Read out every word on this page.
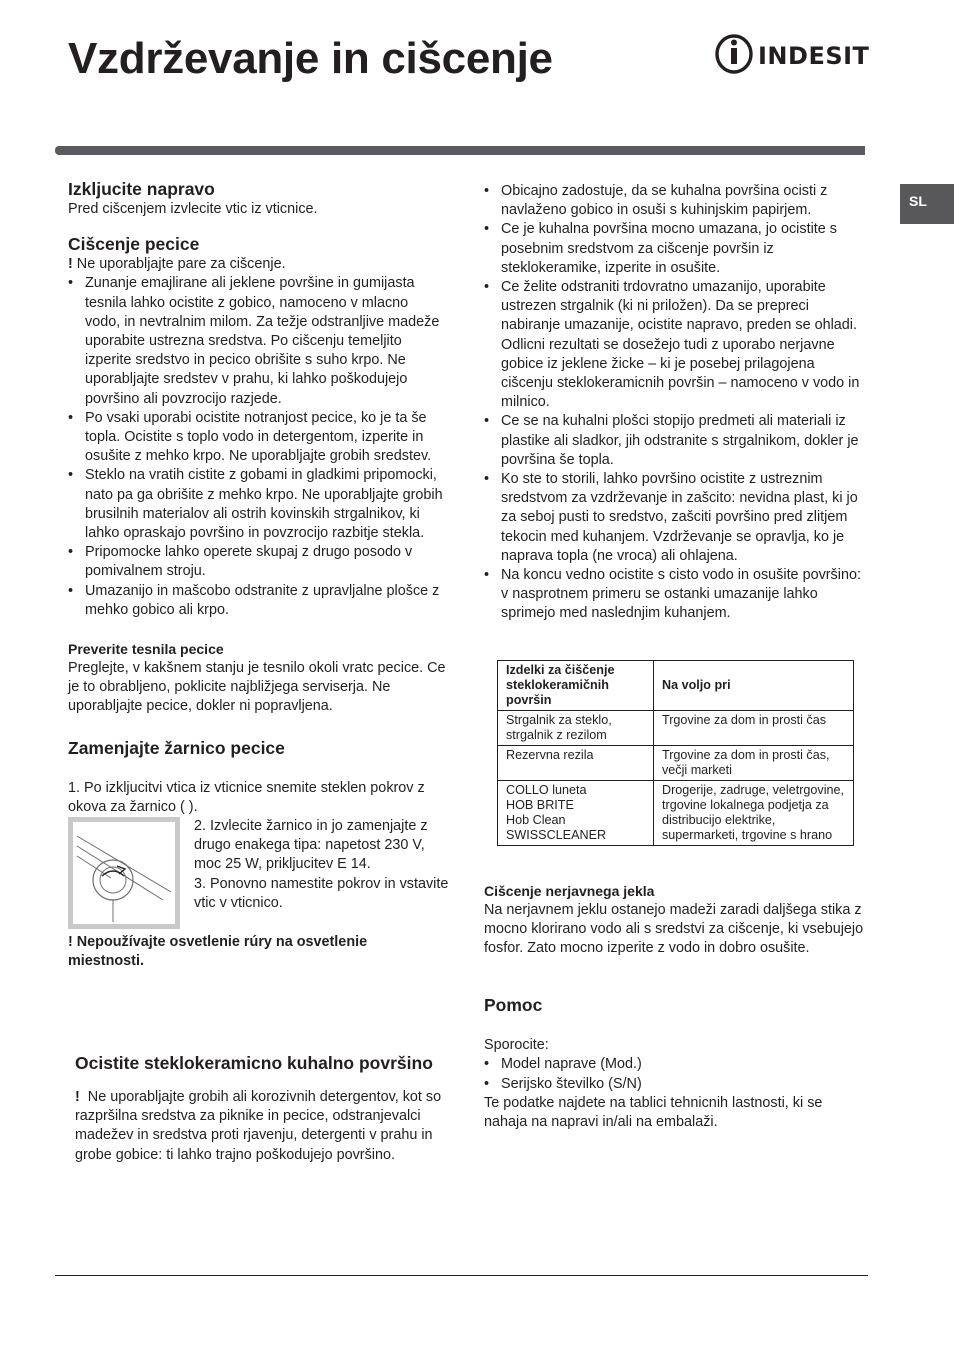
Vzdrževanje in cišcenje	INDESIT
SL
Izkljucite napravo

Pred cišcenjem izvlecite vtic iz vticnice.

Cišcenje pecice

! Ne uporabljajte pare za cišcenje.

• Zunanje emajlirane ali jeklene površine in gumijasta tesnila lahko ocistite z gobico, namoceno v mlacno vodo, in nevtralnim milom. Za težje odstranljive madeže uporabite ustrezna sredstva. Po cišcenju temeljito izperite sredstvo in pecico obrišite s suho krpo. Ne uporabljajte sredstev v prahu, ki lahko poškodujejo površino ali povzrocijo razjede.
• Po vsaki uporabi ocistite notranjost pecice, ko je ta še topla. Ocistite s toplo vodo in detergentom, izperite in osušite z mehko krpo. Ne uporabljajte grobih sredstev.
• Steklo na vratih cistite z gobami in gladkimi pripomocki, nato pa ga obrišite z mehko krpo. Ne uporabljajte grobih brusilnih materialov ali ostrih kovinskih strgalnikov, ki lahko opraskajo površino in povzrocijo razbitje stekla.
• Pripomocke lahko operete skupaj z drugo posodo v pomivalnem stroju.
• Umazanijo in mašcobo odstranite z upravljalne plošce z mehko gobico ali krpo.
Preverite tesnila pecice

Preglejte, v kakšnem stanju je tesnilo okoli vratc pecice. Ce je to obrabljeno, poklicite najbližjega serviserja. Ne uporabljajte pecice, dokler ni popravljena.

Zamenjajte žarnico pecice

1. Po izkljucitvi vtica iz vticnice snemite steklen pokrov z okova za žarnico ( ).

2. Izvlecite žarnico in jo zamenjajte z drugo enakega tipa: napetost 230 V, moc 25 W, prikljucitev E 14.

3. Ponovno namestite pokrov in vstavite vtic v vticnico.

! Nepoužívajte osvetlenie rúry na osvetlenie miestnosti.

Ocistite steklokeramicno kuhalno površino

! Ne uporabljajte grobih ali korozivnih detergentov, kot so razpršilna sredstva za piknike in pecice, odstranjevalci madežev in sredstva proti rjavenju, detergenti v prahu in grobe gobice: ti lahko trajno poškodujejo površino.

• Obicajno zadostuje, da se kuhalna površina ocisti z navlaženo gobico in osuši s kuhinjskim papirjem.
• Ce je kuhalna površina mocno umazana, jo ocistite s posebnim sredstvom za cišcenje površin iz steklokeramike, izperite in osušite.
• Ce želite odstraniti trdovratno umazanijo, uporabite ustrezen strgalnik (ki ni priložen). Da se prepreci nabiranje umazanije, ocistite napravo, preden se ohladi. Odlicni rezultati se dosežejo tudi z uporabo nerjavne gobice iz jeklene žicke – ki je posebej prilagojena cišcenju steklokeramicnih površin – namoceno v vodo in milnico.
• Ce se na kuhalni plošci stopijo predmeti ali materiali iz plastike ali sladkor, jih odstranite s strgalnikom, dokler je površina še topla.
• Ko ste to storili, lahko površino ocistite z ustreznim sredstvom za vzdrževanje in zašcito: nevidna plast, ki jo za seboj pusti to sredstvo, zašciti površino pred zlitjem tekocin med kuhanjem. Vzdrževanje se opravlja, ko je naprava topla (ne vroca) ali ohlajena.
• Na koncu vedno ocistite s cisto vodo in osušite površino: v nasprotnem primeru se ostanki umazanije lahko sprimejo med naslednjim kuhanjem.
Izdelki za čiščenje steklokeramičnih površin	Na voljo pri
Strgalnik za steklo, strgalnik z rezilom	Trgovine za dom in prosti čas
Rezervna rezila	Trgovine za dom in prosti čas, večji marketi
COLLO luneta
HOB BRITE
Hob Clean
SWISSCLEANER	Drogerije, zadruge, veletrgovine, trgovine lokalnega podjetja za distribucijo elektrike, supermarketi, trgovine s hrano
Cišcenje nerjavnega jekla

Na nerjavnem jeklu ostanejo madeži zaradi daljšega stika z mocno klorirano vodo ali s sredstvi za cišcenje, ki vsebujejo fosfor. Zato mocno izperite z vodo in dobro osušite.

Pomoc

Sporocite:

• Model naprave (Mod.)
• Serijsko številko (S/N)

Te podatke najdete na tablici tehnicnih lastnosti, ki se nahaja na napravi in/ali na embalaži.
